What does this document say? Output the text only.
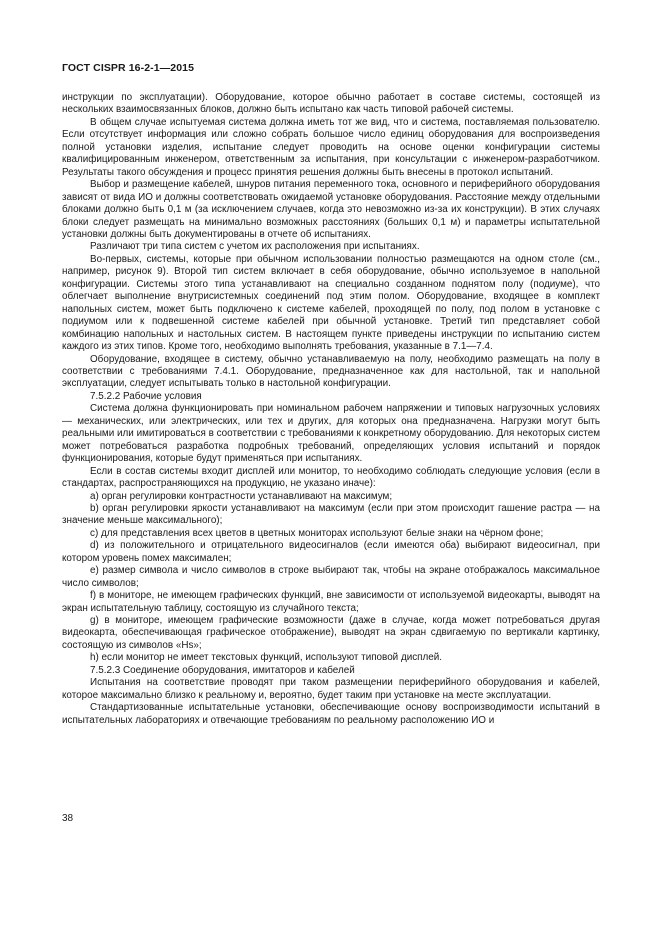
ГОСТ CISPR 16-2-1—2015

инструкции по эксплуатации). Оборудование, которое обычно работает в составе системы, состоящей из нескольких взаимосвязанных блоков, должно быть испытано как часть типовой рабочей системы.

В общем случае испытуемая система должна иметь тот же вид, что и система, поставляемая пользователю. Если отсутствует информация или сложно собрать большое число единиц оборудования для воспроизведения полной установки изделия, испытание следует проводить на основе оценки конфигурации системы квалифицированным инженером, ответственным за испытания, при консультации с инженером-разработчиком. Результаты такого обсуждения и процесс принятия решения должны быть внесены в протокол испытаний.

Выбор и размещение кабелей, шнуров питания переменного тока, основного и периферийного оборудования зависят от вида ИО и должны соответствовать ожидаемой установке оборудования. Расстояние между отдельными блоками должно быть 0,1 м (за исключением случаев, когда это невозможно из-за их конструкции). В этих случаях блоки следует размещать на минимально возможных расстояниях (больших 0,1 м) и параметры испытательной установки должны быть документированы в отчете об испытаниях.

Различают три типа систем с учетом их расположения при испытаниях.

Во-первых, системы, которые при обычном использовании полностью размещаются на одном столе (см., например, рисунок 9). Второй тип систем включает в себя оборудование, обычно используемое в напольной конфигурации. Системы этого типа устанавливают на специально созданном поднятом полу (подиуме), что облегчает выполнение внутрисистемных соединений под этим полом. Оборудование, входящее в комплект напольных систем, может быть подключено к системе кабелей, проходящей по полу, под полом в установке с подиумом или к подвешенной системе кабелей при обычной установке. Третий тип представляет собой комбинацию напольных и настольных систем. В настоящем пункте приведены инструкции по испытанию систем каждого из этих типов. Кроме того, необходимо выполнять требования, указанные в 7.1—7.4.

Оборудование, входящее в систему, обычно устанавливаемую на полу, необходимо размещать на полу в соответствии с требованиями 7.4.1. Оборудование, предназначенное как для настольной, так и напольной эксплуатации, следует испытывать только в настольной конфигурации.

7.5.2.2 Рабочие условия

Система должна функционировать при номинальном рабочем напряжении и типовых нагрузочных условиях — механических, или электрических, или тех и других, для которых она предназначена. Нагрузки могут быть реальными или имитироваться в соответствии с требованиями к конкретному оборудованию. Для некоторых систем может потребоваться разработка подробных требований, определяющих условия испытаний и порядок функционирования, которые будут применяться при испытаниях.

Если в состав системы входит дисплей или монитор, то необходимо соблюдать следующие условия (если в стандартах, распространяющихся на продукцию, не указано иначе):

a) орган регулировки контрастности устанавливают на максимум;

b) орган регулировки яркости устанавливают на максимум (если при этом происходит гашение растра — на значение меньше максимального);

c) для представления всех цветов в цветных мониторах используют белые знаки на чёрном фоне;

d) из положительного и отрицательного видеосигналов (если имеются оба) выбирают видеосигнал, при котором уровень помех максимален;

e) размер символа и число символов в строке выбирают так, чтобы на экране отображалось максимальное число символов;

f) в мониторе, не имеющем графических функций, вне зависимости от используемой видеокарты, выводят на экран испытательную таблицу, состоящую из случайного текста;

g) в мониторе, имеющем графические возможности (даже в случае, когда может потребоваться другая видеокарта, обеспечивающая графическое отображение), выводят на экран сдвигаемую по вертикали картинку, состоящую из символов «Hs»;

h) если монитор не имеет текстовых функций, используют типовой дисплей.

7.5.2.3 Соединение оборудования, имитаторов и кабелей

Испытания на соответствие проводят при таком размещении периферийного оборудования и кабелей, которое максимально близко к реальному и, вероятно, будет таким при установке на месте эксплуатации.

Стандартизованные испытательные установки, обеспечивающие основу воспроизводимости испытаний в испытательных лабораториях и отвечающие требованиям по реальному расположению ИО и

38
